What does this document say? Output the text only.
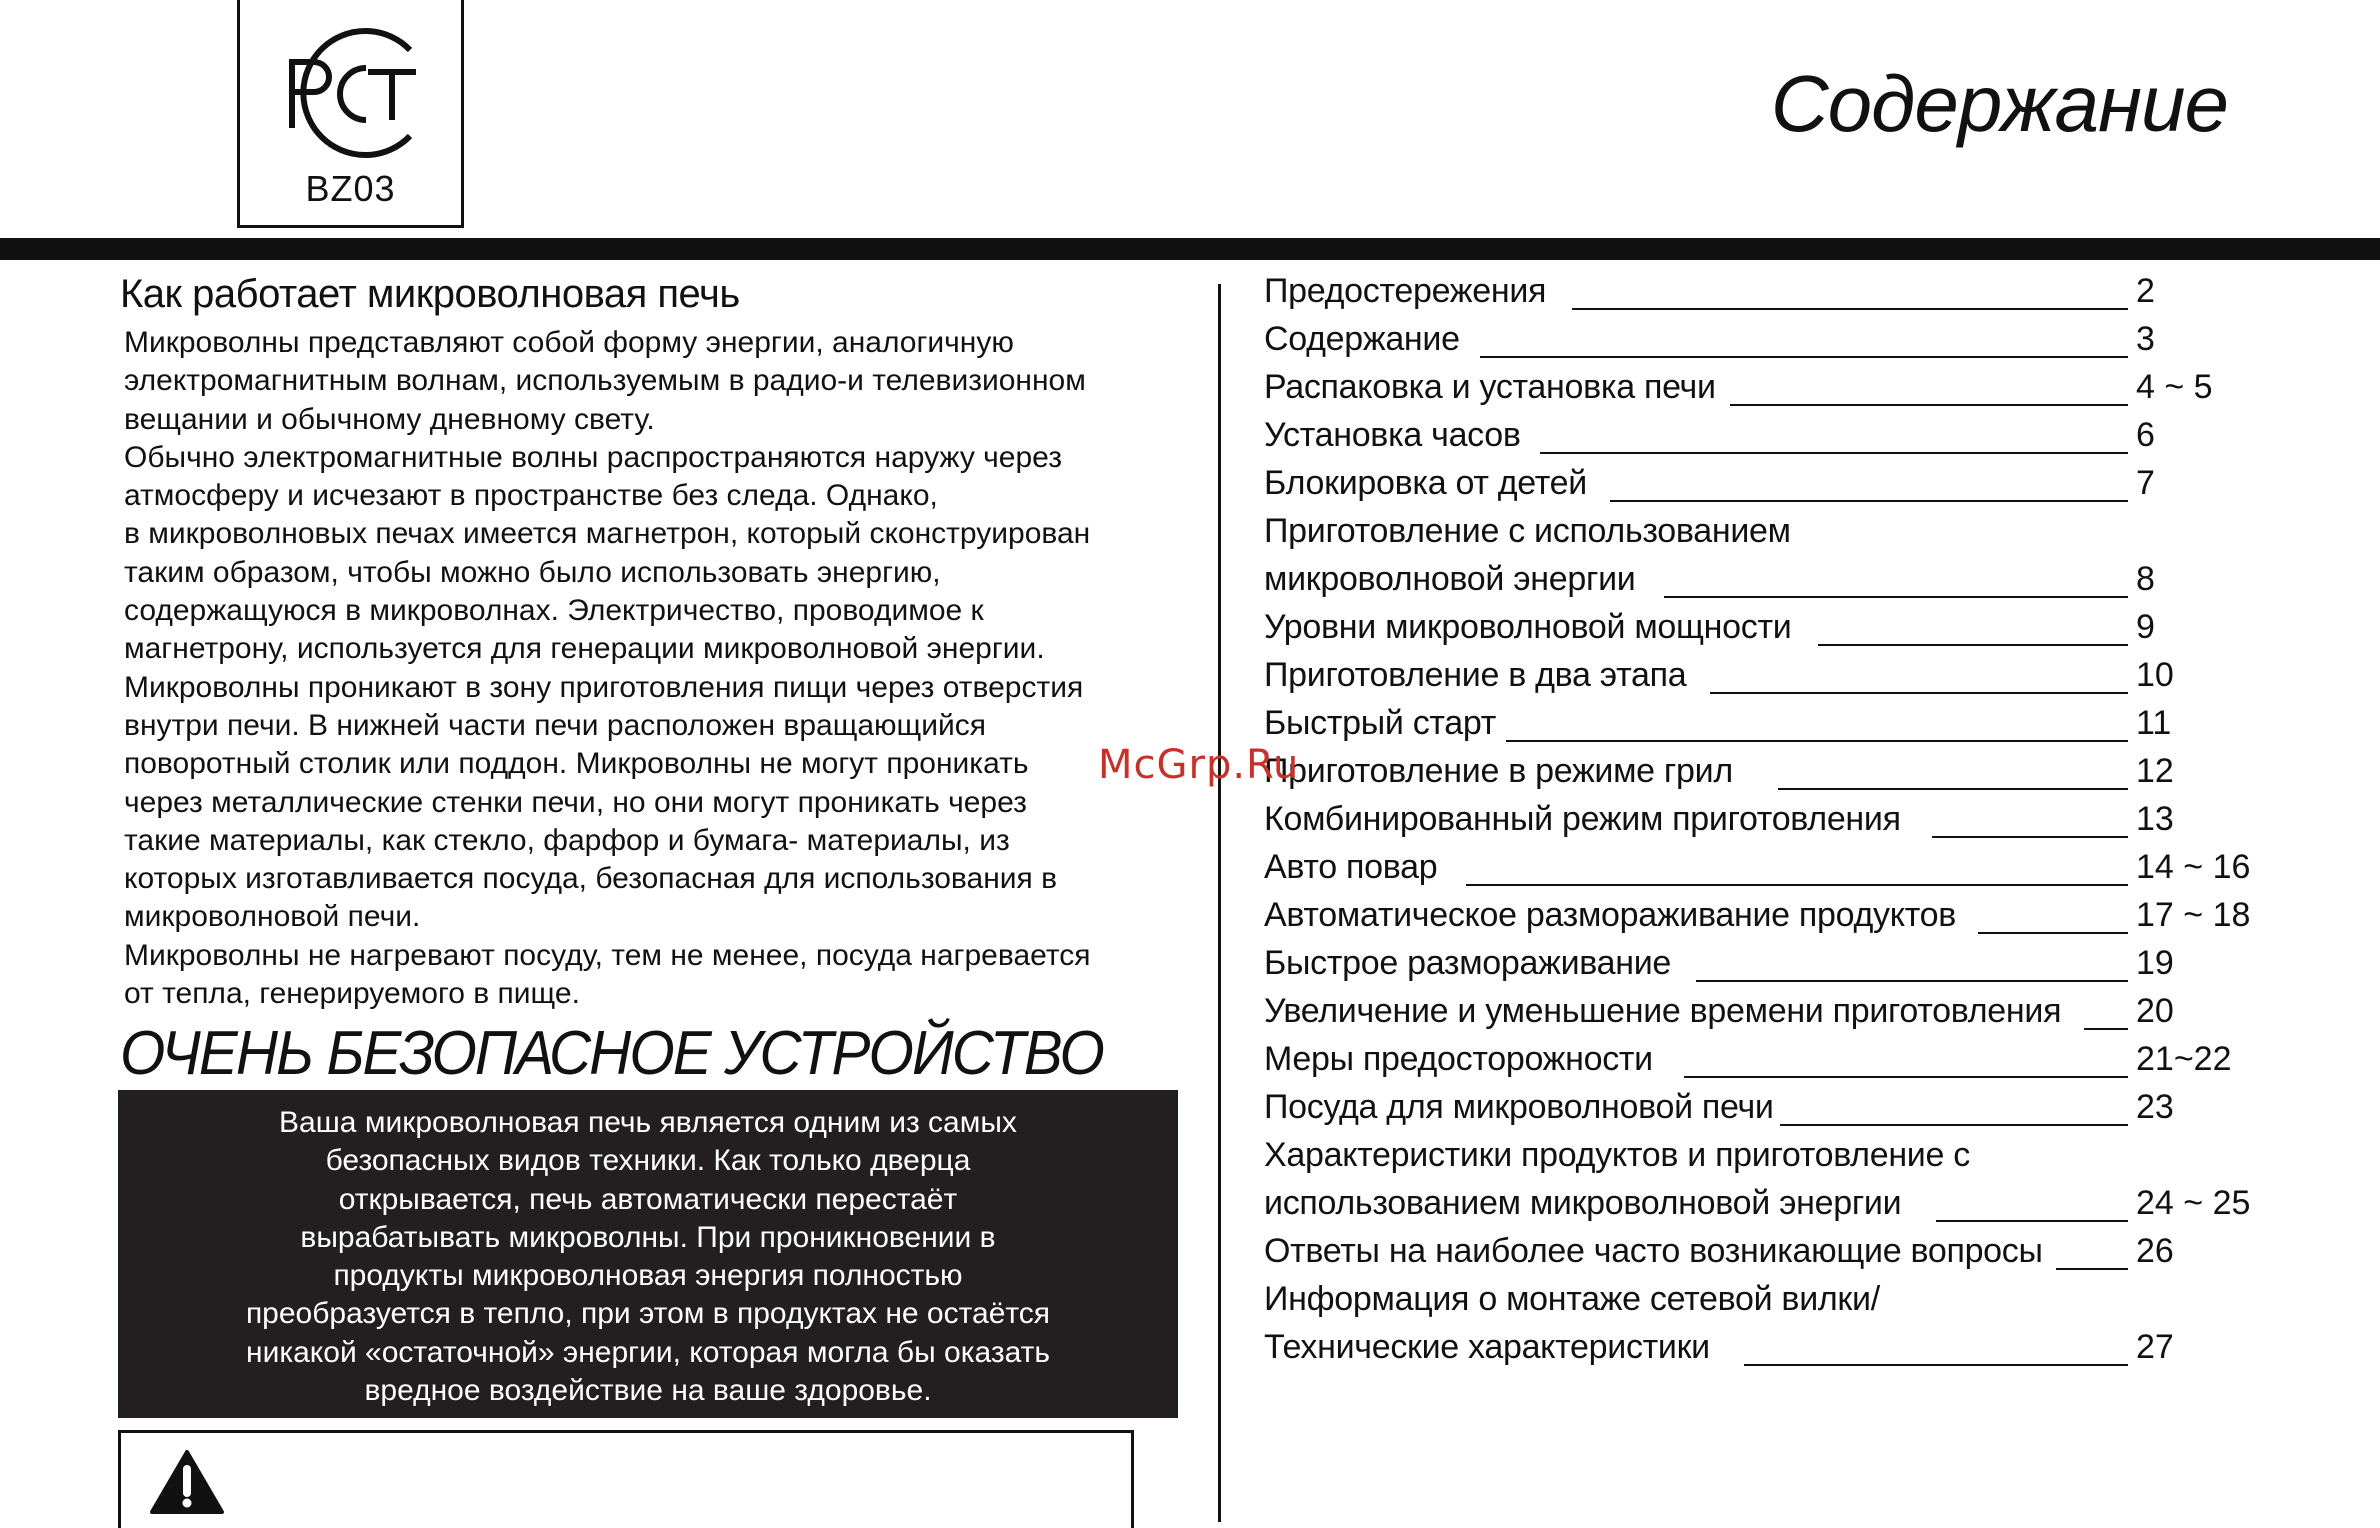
BZ03
Содержание
Как работает микроволновая печь

Микроволны представляют собой форму энергии, аналогичную

электромагнитным волнам, используемым в радио-и телевизионном

вещании и обычному дневному свету.

Обычно электромагнитные волны распространяются наружу через

атмосферу и исчезают в пространстве без следа. Однако,

в микроволновых печах имеется магнетрон, который сконструирован

таким образом, чтобы можно было использовать энергию,

содержащуюся в микроволнах. Электричество, проводимое к

магнетрону, используется для генерации микроволновой энергии.

Микроволны проникают в зону приготовления пищи через отверстия

внутри печи. В нижней части печи расположен вращающийся

поворотный столик или поддон. Микроволны не могут проникать

через металлические стенки печи, но они могут проникать через

такие материалы, как стекло, фарфор и бумага- материалы, из

которых изготавливается посуда, безопасная для использования в

микроволновой печи.

Микроволны не нагревают посуду, тем не менее, посуда нагревается

от тепла, генерируемого в пище.

ОЧЕНЬ БЕЗОПАСНОЕ УСТРОЙСТВО
Ваша микроволновая печь является одним из самых
безопасных видов техники. Как только дверца
открывается, печь автоматически перестаёт
вырабатывать микроволны. При проникновении в
продукты микроволновая энергия полностью
преобразуется в тепло, при этом в продуктах не остаётся
никакой «остаточной» энергии, которая могла бы оказать
вредное воздействие на ваше здоровье.
Предостережения	2
Содержание	3
Распаковка и установка печи	4 ~ 5
Установка часов	6
Блокировка от детей	7
Приготовление с использованием
микроволновой энергии	8
Уровни микроволновой мощности	9
Приготовление в два этапа	10
Быстрый старт	11
Приготовление в режиме грил	12
Комбинированный режим приготовления	13
Авто повар	14 ~ 16
Автоматическое размораживание продуктов	17 ~ 18
Быстрое размораживание	19
Увеличение и уменьшение времени приготовления 20
Меры предосторожности	21~22
Посуда для микроволновой печи	23
Характеристики продуктов и приготовление с
использованием микроволновой энергии	24 ~ 25
Ответы на наиболее часто возникающие вопросы	26
Информация о монтаже сетевой вилки/
Технические характеристики	27
McGrp.Ru
